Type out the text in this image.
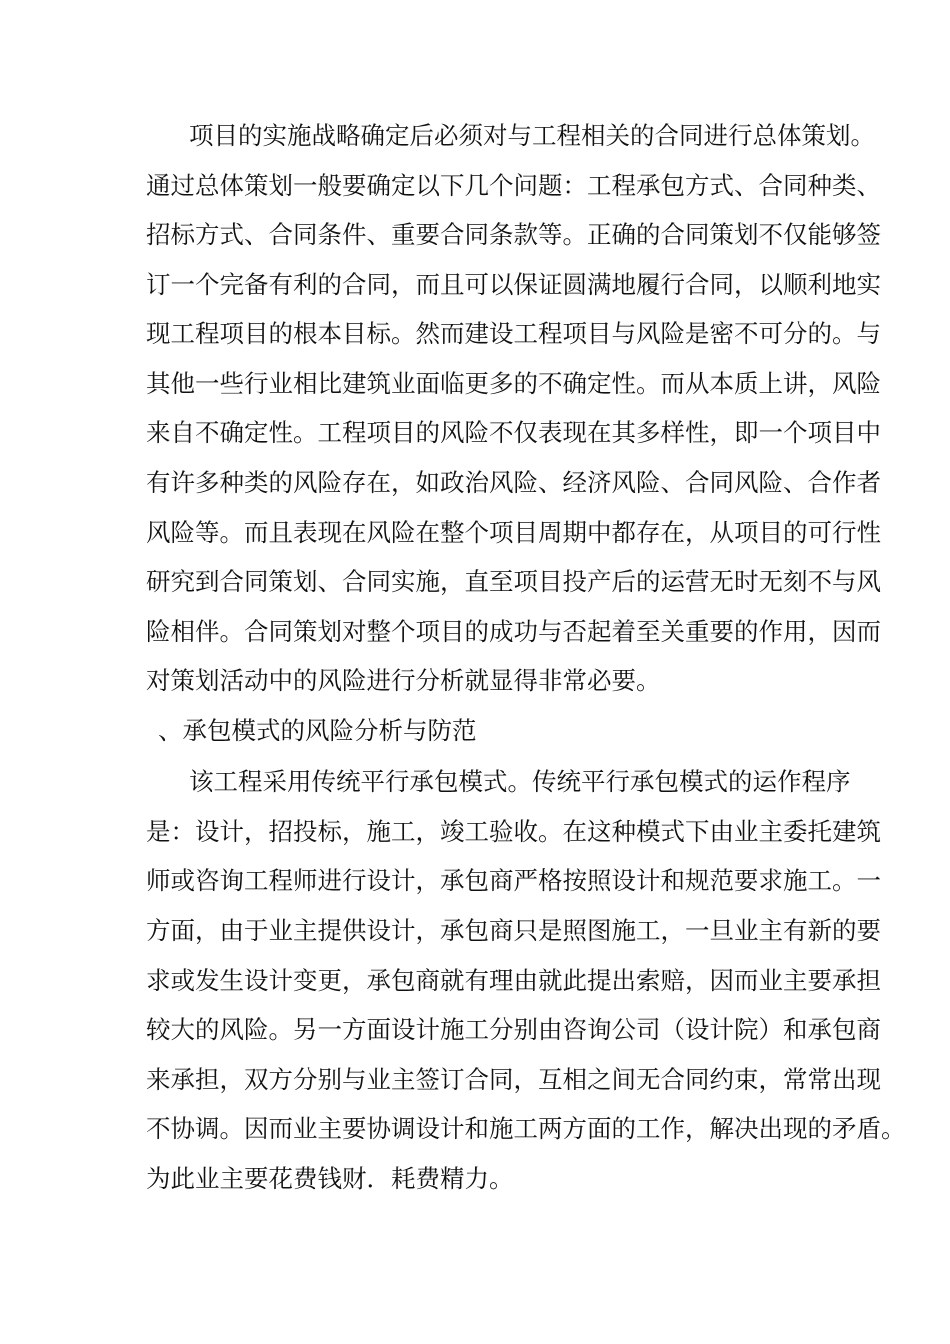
项目的实施战略确定后必须对与工程相关的合同进行总体策划。
通过总体策划一般要确定以下几个问题：工程承包方式、合同种类、
招标方式、合同条件、重要合同条款等。正确的合同策划不仅能够签
订一个完备有利的合同，而且可以保证圆满地履行合同，以顺利地实
现工程项目的根本目标。然而建设工程项目与风险是密不可分的。与
其他一些行业相比建筑业面临更多的不确定性。而从本质上讲，风险
来自不确定性。工程项目的风险不仅表现在其多样性，即一个项目中
有许多种类的风险存在，如政治风险、经济风险、合同风险、合作者
风险等。而且表现在风险在整个项目周期中都存在，从项目的可行性
研究到合同策划、合同实施，直至项目投产后的运营无时无刻不与风
险相伴。合同策划对整个项目的成功与否起着至关重要的作用，因而
对策划活动中的风险进行分析就显得非常必要。
、承包模式的风险分析与防范
该工程采用传统平行承包模式。传统平行承包模式的运作程序
是：设计，招投标，施工，竣工验收。在这种模式下由业主委托建筑
师或咨询工程师进行设计，承包商严格按照设计和规范要求施工。一
方面，由于业主提供设计，承包商只是照图施工，一旦业主有新的要
求或发生设计变更，承包商就有理由就此提出索赔，因而业主要承担
较大的风险。另一方面设计施工分别由咨询公司（设计院）和承包商
来承担，双方分别与业主签订合同，互相之间无合同约束，常常出现
不协调。因而业主要协调设计和施工两方面的工作，解决出现的矛盾。
为此业主要花费钱财．耗费精力。
